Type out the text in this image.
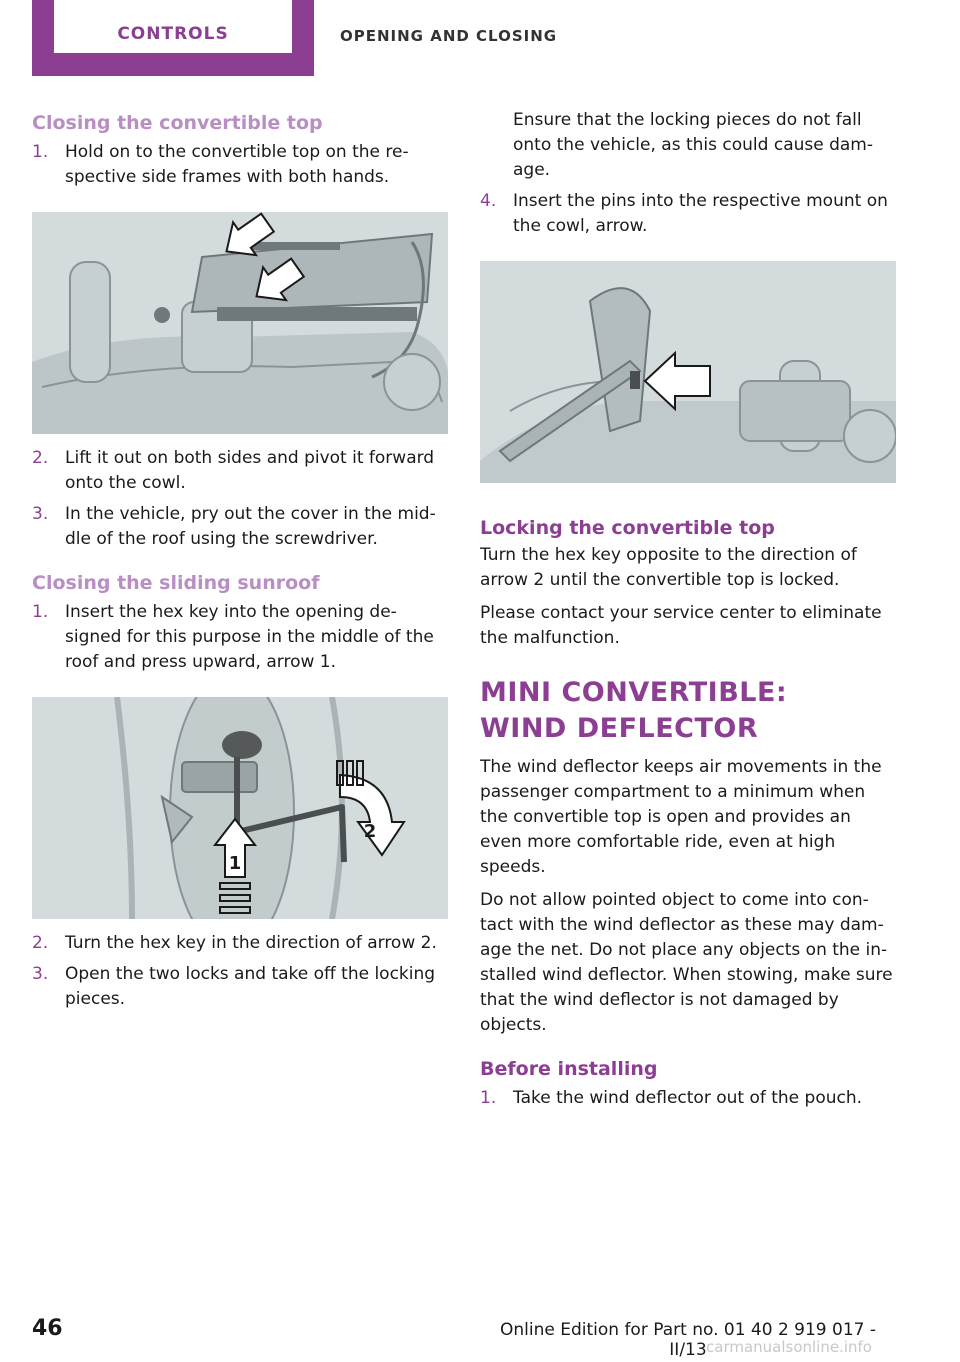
CONTROLS	OPENING AND CLOSING
Closing the convertible top
1. Hold on to the convertible top on the re‐spective side frames with both hands.
2. Lift it out on both sides and pivot it forward onto the cowl.
3. In the vehicle, pry out the cover in the mid‐dle of the roof using the screwdriver.
Closing the sliding sunroof
1. Insert the hex key into the opening de‐signed for this purpose in the middle of the roof and press upward, arrow 1.
1
2
2. Turn the hex key in the direction of arrow 2.
3. Open the two locks and take off the locking pieces.

Ensure that the locking pieces do not fall onto the vehicle, as this could cause dam‐age.

4. Insert the pins into the respective mount on the cowl, arrow.
Locking the convertible top

Turn the hex key opposite to the direction of arrow 2 until the convertible top is locked.

Please contact your service center to eliminate the malfunction.

MINI CONVERTIBLE: WIND DEFLECTOR

The wind deflector keeps air movements in the passenger compartment to a minimum when the convertible top is open and provides an even more comfortable ride, even at high speeds.

Do not allow pointed object to come into con‐tact with the wind deflector as these may dam‐age the net. Do not place any objects on the in‐stalled wind deflector. When stowing, make sure that the wind deflector is not damaged by objects.

Before installing
1. Take the wind deflector out of the pouch.
46	Online Edition for Part no. 01 40 2 919 017 - II/13 carmanualsonline.info
